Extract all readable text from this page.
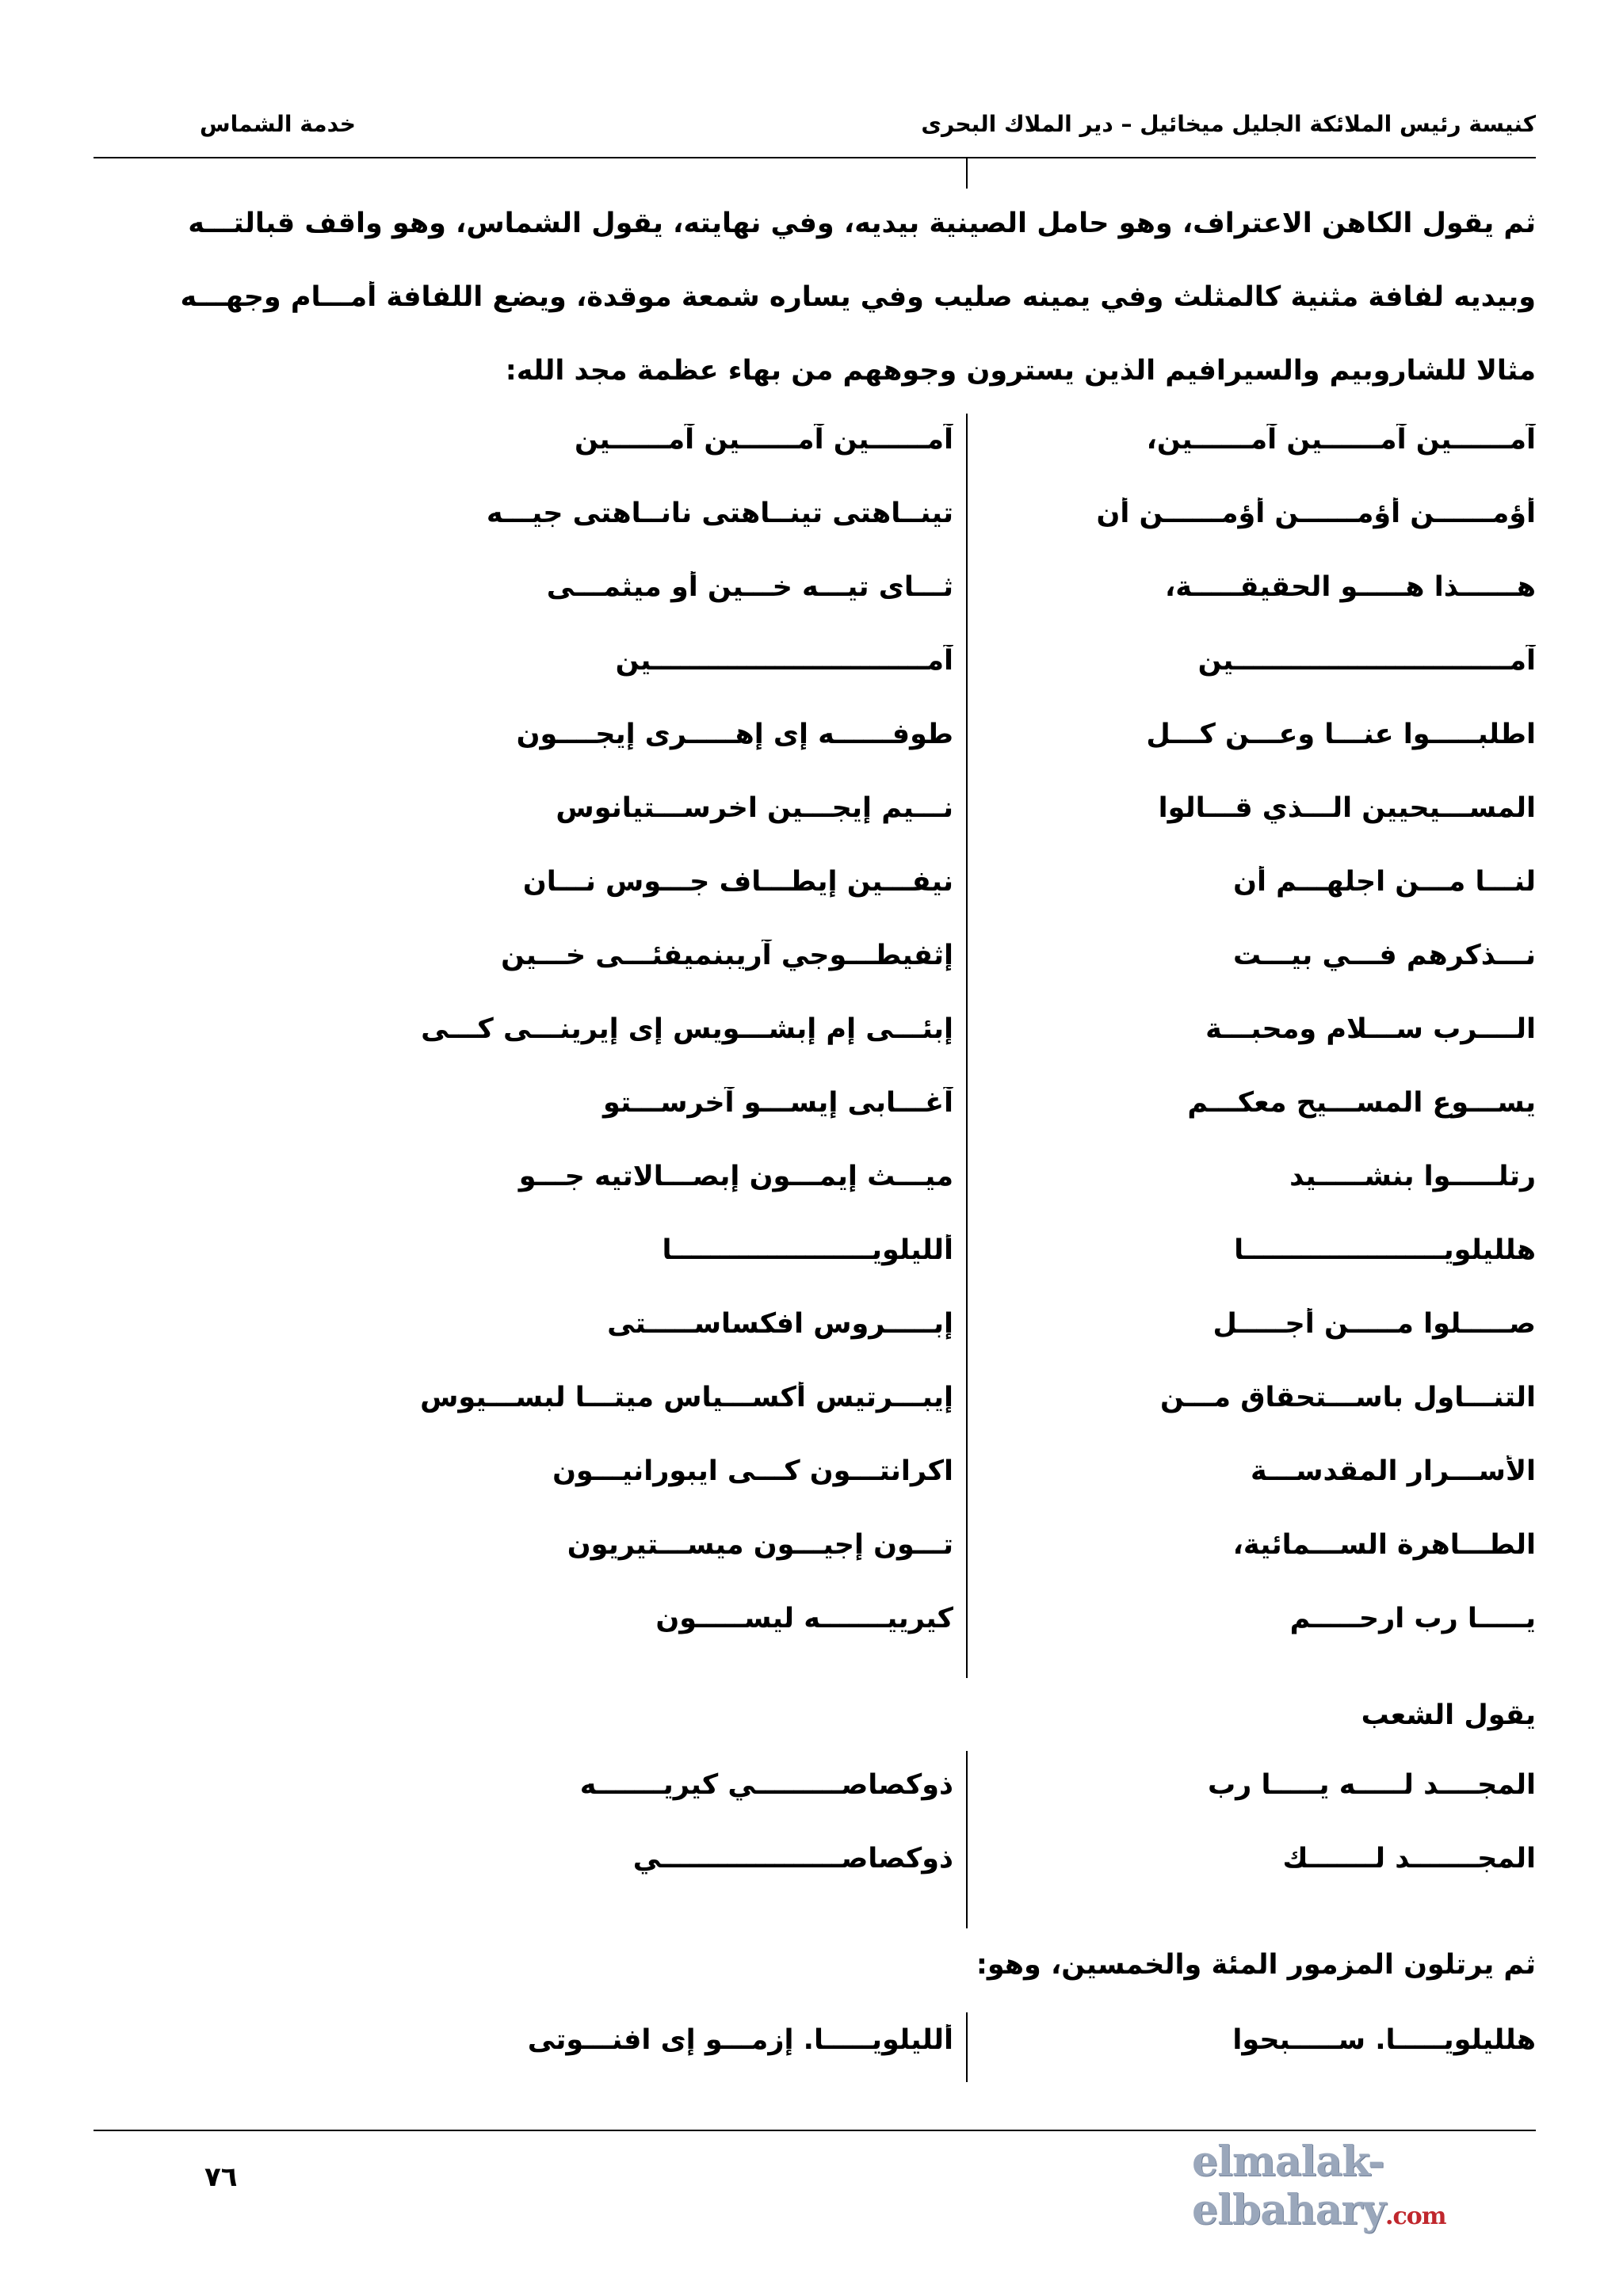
كنيسة رئيس الملائكة الجليل ميخائيل – دير الملاك البحرى
خدمة الشماس
ثم يقول الكاهن الاعتراف، وهو حامل الصينية بيديه، وفي نهايته، يقول الشماس، وهو واقف قبالتـــه
وبيديه لفافة مثنية كالمثلث وفي يمينه صليب وفي يساره شمعة موقدة، ويضع اللفافة أمـــام وجهـــه
مثالا للشاروبيم والسيرافيم الذين يسترون وجوههم من بهاء عظمة مجد الله:
آمــــــين آمــــــين آمــــــين،
آمــــــين آمــــــين آمــــــين
أؤمــــــن أؤمــــــن أؤمــــــن أن
تينــاهتى تينــاهتى نانــاهتى جيـــه
هــــــذا هـــــو الحقيقـــــة،
ثـــاى تيـــه خـــين أو ميثمـــى
آمـــــــــــــــــــــــــــــين
آمـــــــــــــــــــــــــــــين
اطلبـــــوا عنـــا وعـــن كـــل
طوفــــــه إى إهـــــرى إيجــــون
المســـيحيين الـــذي قـــالوا
نـــيم إيجـــين اخرســـتيانوس
لنـــا مـــن اجلهـــم أن
نيفـــين إيطـــاف جـــوس نـــان
نـــذكرهم فـــي بيـــت
إثفيطـــوجي آريبنميفئـــى خـــين
الــــرب ســـلام ومحبـــة
إبئـــى إم إبشـــويس إى إيرينـــى كـــى
يســـوع المســـيح معكـــم
آغـــابى إيســـو آخرســـتو
رتلـــــوا بنشـــــيد
ميـــث إيمـــون إبصـــالاتيه جـــو
هلليلويـــــــــــــــــــــا
ألليلويـــــــــــــــــــــا
صـــــلوا مـــــن أجـــــل
إبـــــروس افكساســـــتى
التنـــاول باســـتحقاق مـــن
إيبـــرتيس أكســـياس ميتـــا لبســـيوس
الأســـرار المقدســـة
اكرانتـــون كـــى ايبورانيـــون
الطـــاهرة الســـمائية،
تـــون إجيـــون ميســـتيريون
يـــــا رب ارحـــــم
كيرييـــــــه ليســـــون
يقول الشعب
المجــــد لـــــه يـــــا رب
ذوكصاصـــــــــي كيريـــــــه
المجـــــــد لـــــــك
ذوكصاصـــــــــــــــــــي
ثم يرتلون المزمور المئة والخمسين، وهو:
هلليلويـــــا. ســـــبحوا
ألليلويـــــا. إزمـــو إى افنـــوتى
٧٦	elmalak-elbahary.com
